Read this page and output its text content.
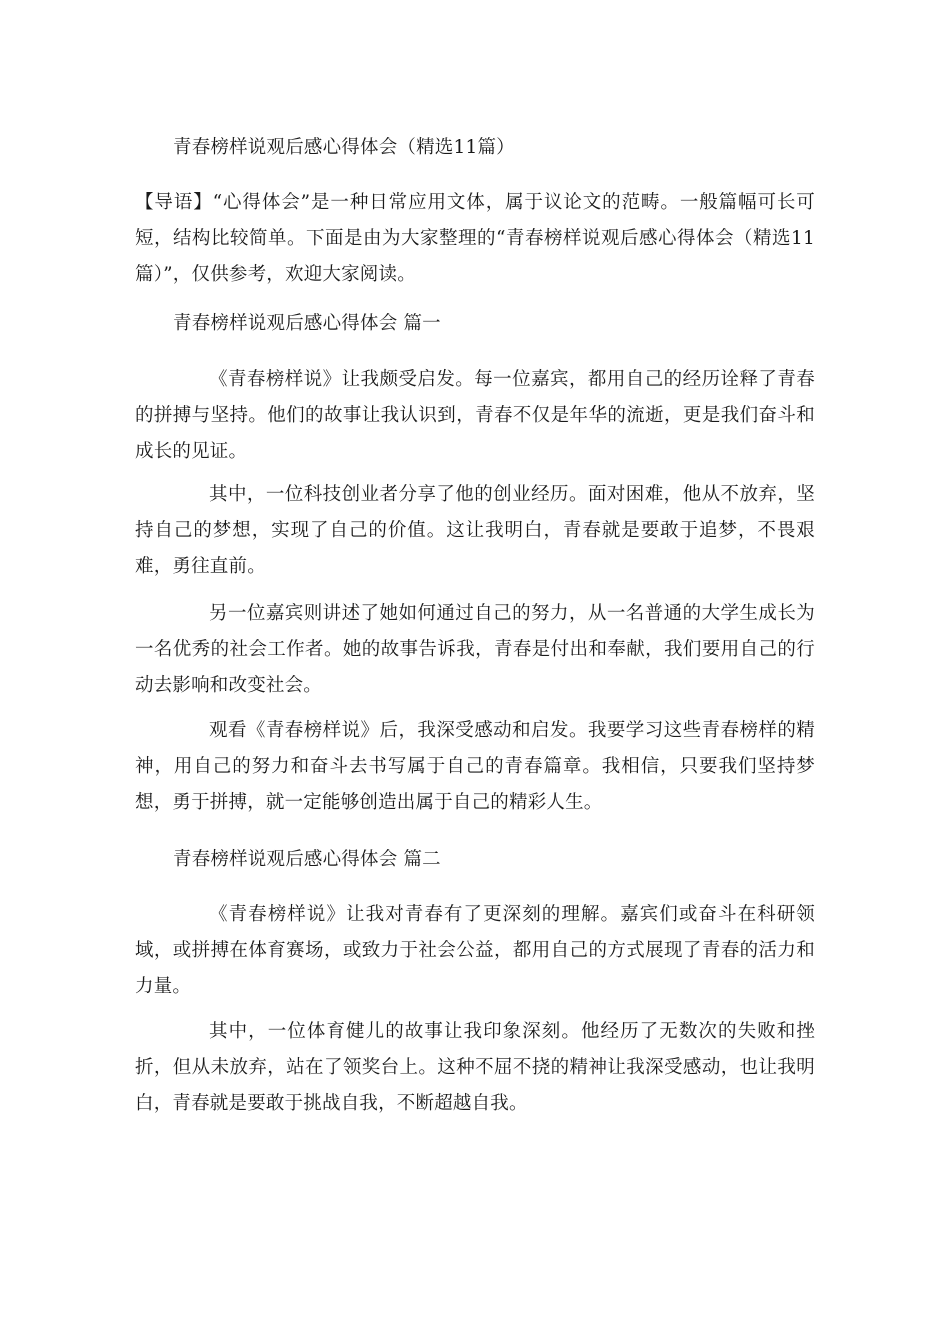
青春榜样说观后感心得体会（精选11篇）

【导语】“心得体会”是一种日常应用文体，属于议论文的范畴。一般篇幅可长可短，结构比较简单。下面是由为大家整理的“青春榜样说观后感心得体会（精选11篇）”，仅供参考，欢迎大家阅读。

青春榜样说观后感心得体会 篇一

《青春榜样说》让我颇受启发。每一位嘉宾，都用自己的经历诠释了青春的拼搏与坚持。他们的故事让我认识到，青春不仅是年华的流逝，更是我们奋斗和成长的见证。

其中，一位科技创业者分享了他的创业经历。面对困难，他从不放弃，坚持自己的梦想，实现了自己的价值。这让我明白，青春就是要敢于追梦，不畏艰难，勇往直前。

另一位嘉宾则讲述了她如何通过自己的努力，从一名普通的大学生成长为一名优秀的社会工作者。她的故事告诉我，青春是付出和奉献，我们要用自己的行动去影响和改变社会。

观看《青春榜样说》后，我深受感动和启发。我要学习这些青春榜样的精神，用自己的努力和奋斗去书写属于自己的青春篇章。我相信，只要我们坚持梦想，勇于拼搏，就一定能够创造出属于自己的精彩人生。

青春榜样说观后感心得体会 篇二

《青春榜样说》让我对青春有了更深刻的理解。嘉宾们或奋斗在科研领域，或拼搏在体育赛场，或致力于社会公益，都用自己的方式展现了青春的活力和力量。

其中，一位体育健儿的故事让我印象深刻。他经历了无数次的失败和挫折，但从未放弃，站在了领奖台上。这种不屈不挠的精神让我深受感动，也让我明白，青春就是要敢于挑战自我，不断超越自我。
